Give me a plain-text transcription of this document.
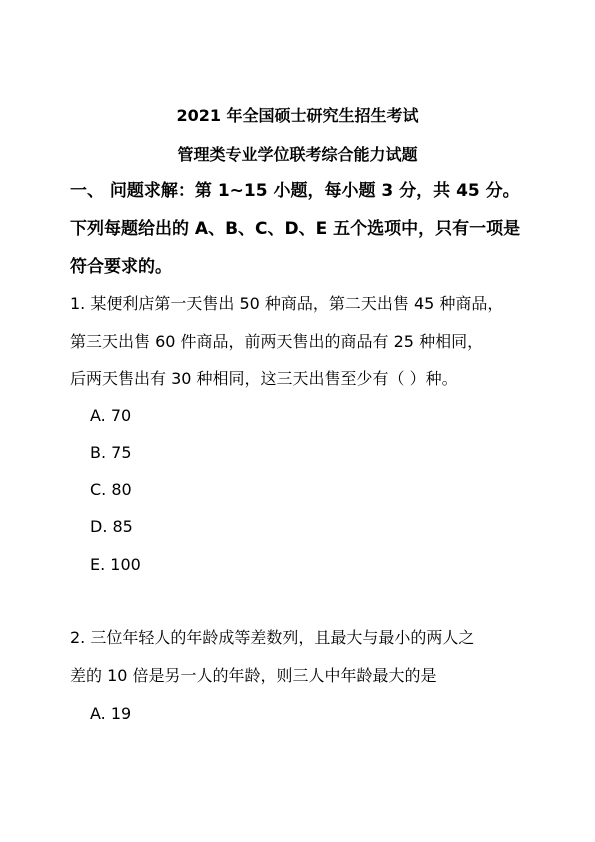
2021 年全国硕士研究生招生考试
管理类专业学位联考综合能力试题
一、 问题求解：第 1~15 小题，每小题 3 分，共 45 分。
下列每题给出的 A、B、C、D、E 五个选项中，只有一项是
符合要求的。
1. 某便利店第一天售出 50 种商品，第二天出售 45 种商品，
第三天出售 60 件商品，前两天售出的商品有 25 种相同，
后两天售出有 30 种相同，这三天出售至少有（ ）种。
A. 70
B. 75
C. 80
D. 85
E. 100
2. 三位年轻人的年龄成等差数列，且最大与最小的两人之
差的 10 倍是另一人的年龄，则三人中年龄最大的是
A. 19
